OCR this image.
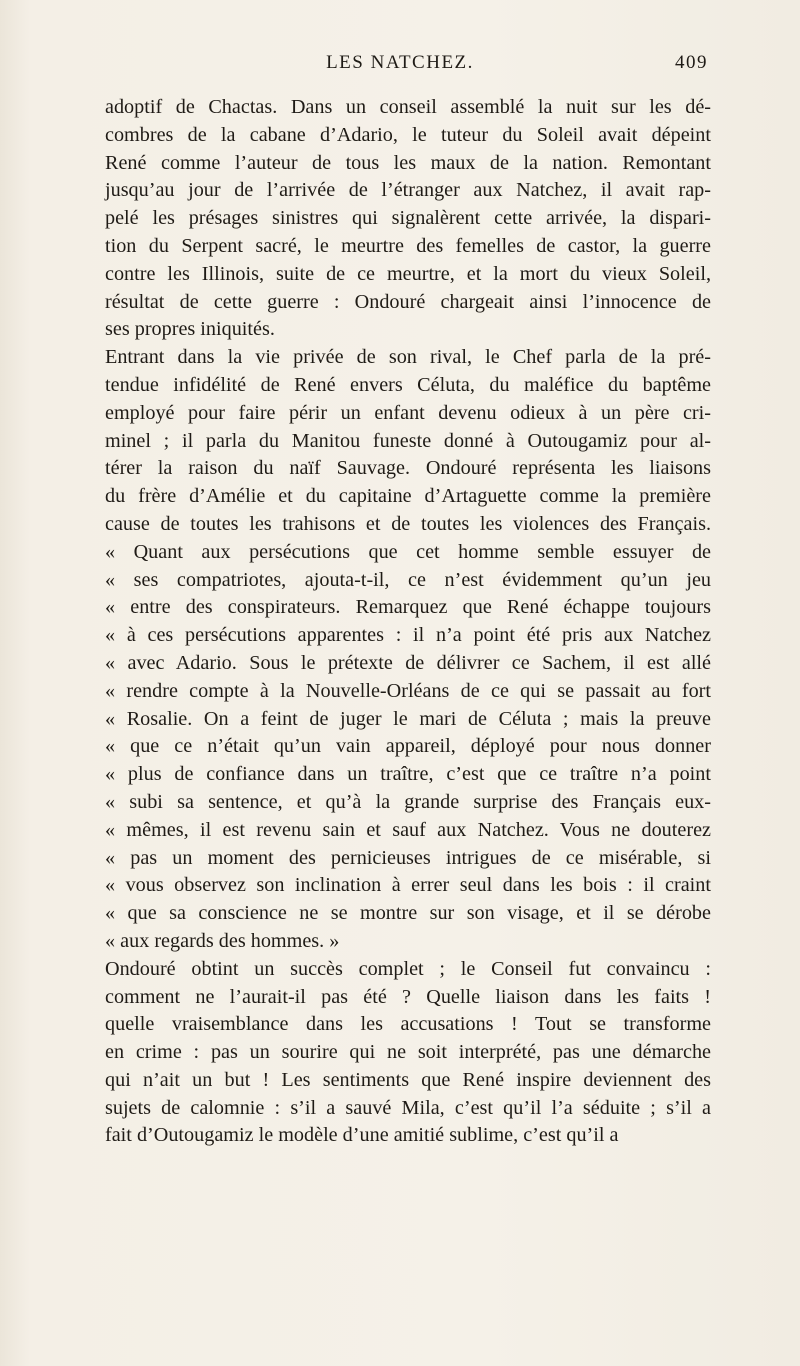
LES NATCHEZ.	409
adoptif de Chactas. Dans un conseil assemblé la nuit sur les dé-
combres de la cabane d’Adario, le tuteur du Soleil avait dépeint
René comme l’auteur de tous les maux de la nation. Remontant
jusqu’au jour de l’arrivée de l’étranger aux Natchez, il avait rap-
pelé les présages sinistres qui signalèrent cette arrivée, la dispari-
tion du Serpent sacré, le meurtre des femelles de castor, la guerre
contre les Illinois, suite de ce meurtre, et la mort du vieux Soleil,
résultat de cette guerre : Ondouré chargeait ainsi l’innocence de
ses propres iniquités.
Entrant dans la vie privée de son rival, le Chef parla de la pré-
tendue infidélité de René envers Céluta, du maléfice du baptême
employé pour faire périr un enfant devenu odieux à un père cri-
minel ; il parla du Manitou funeste donné à Outougamiz pour al-
térer la raison du naïf Sauvage. Ondouré représenta les liaisons
du frère d’Amélie et du capitaine d’Artaguette comme la première
cause de toutes les trahisons et de toutes les violences des Français.
« Quant aux persécutions que cet homme semble essuyer de
« ses compatriotes, ajouta-t-il, ce n’est évidemment qu’un jeu
« entre des conspirateurs. Remarquez que René échappe toujours
« à ces persécutions apparentes : il n’a point été pris aux Natchez
« avec Adario. Sous le prétexte de délivrer ce Sachem, il est allé
« rendre compte à la Nouvelle-Orléans de ce qui se passait au fort
« Rosalie. On a feint de juger le mari de Céluta ; mais la preuve
« que ce n’était qu’un vain appareil, déployé pour nous donner
« plus de confiance dans un traître, c’est que ce traître n’a point
« subi sa sentence, et qu’à la grande surprise des Français eux-
« mêmes, il est revenu sain et sauf aux Natchez. Vous ne douterez
« pas un moment des pernicieuses intrigues de ce misérable, si
« vous observez son inclination à errer seul dans les bois : il craint
« que sa conscience ne se montre sur son visage, et il se dérobe
« aux regards des hommes. »
Ondouré obtint un succès complet ; le Conseil fut convaincu :
comment ne l’aurait-il pas été ? Quelle liaison dans les faits !
quelle vraisemblance dans les accusations ! Tout se transforme
en crime : pas un sourire qui ne soit interprété, pas une démarche
qui n’ait un but ! Les sentiments que René inspire deviennent des
sujets de calomnie : s’il a sauvé Mila, c’est qu’il l’a séduite ; s’il a
fait d’Outougamiz le modèle d’une amitié sublime, c’est qu’il a
